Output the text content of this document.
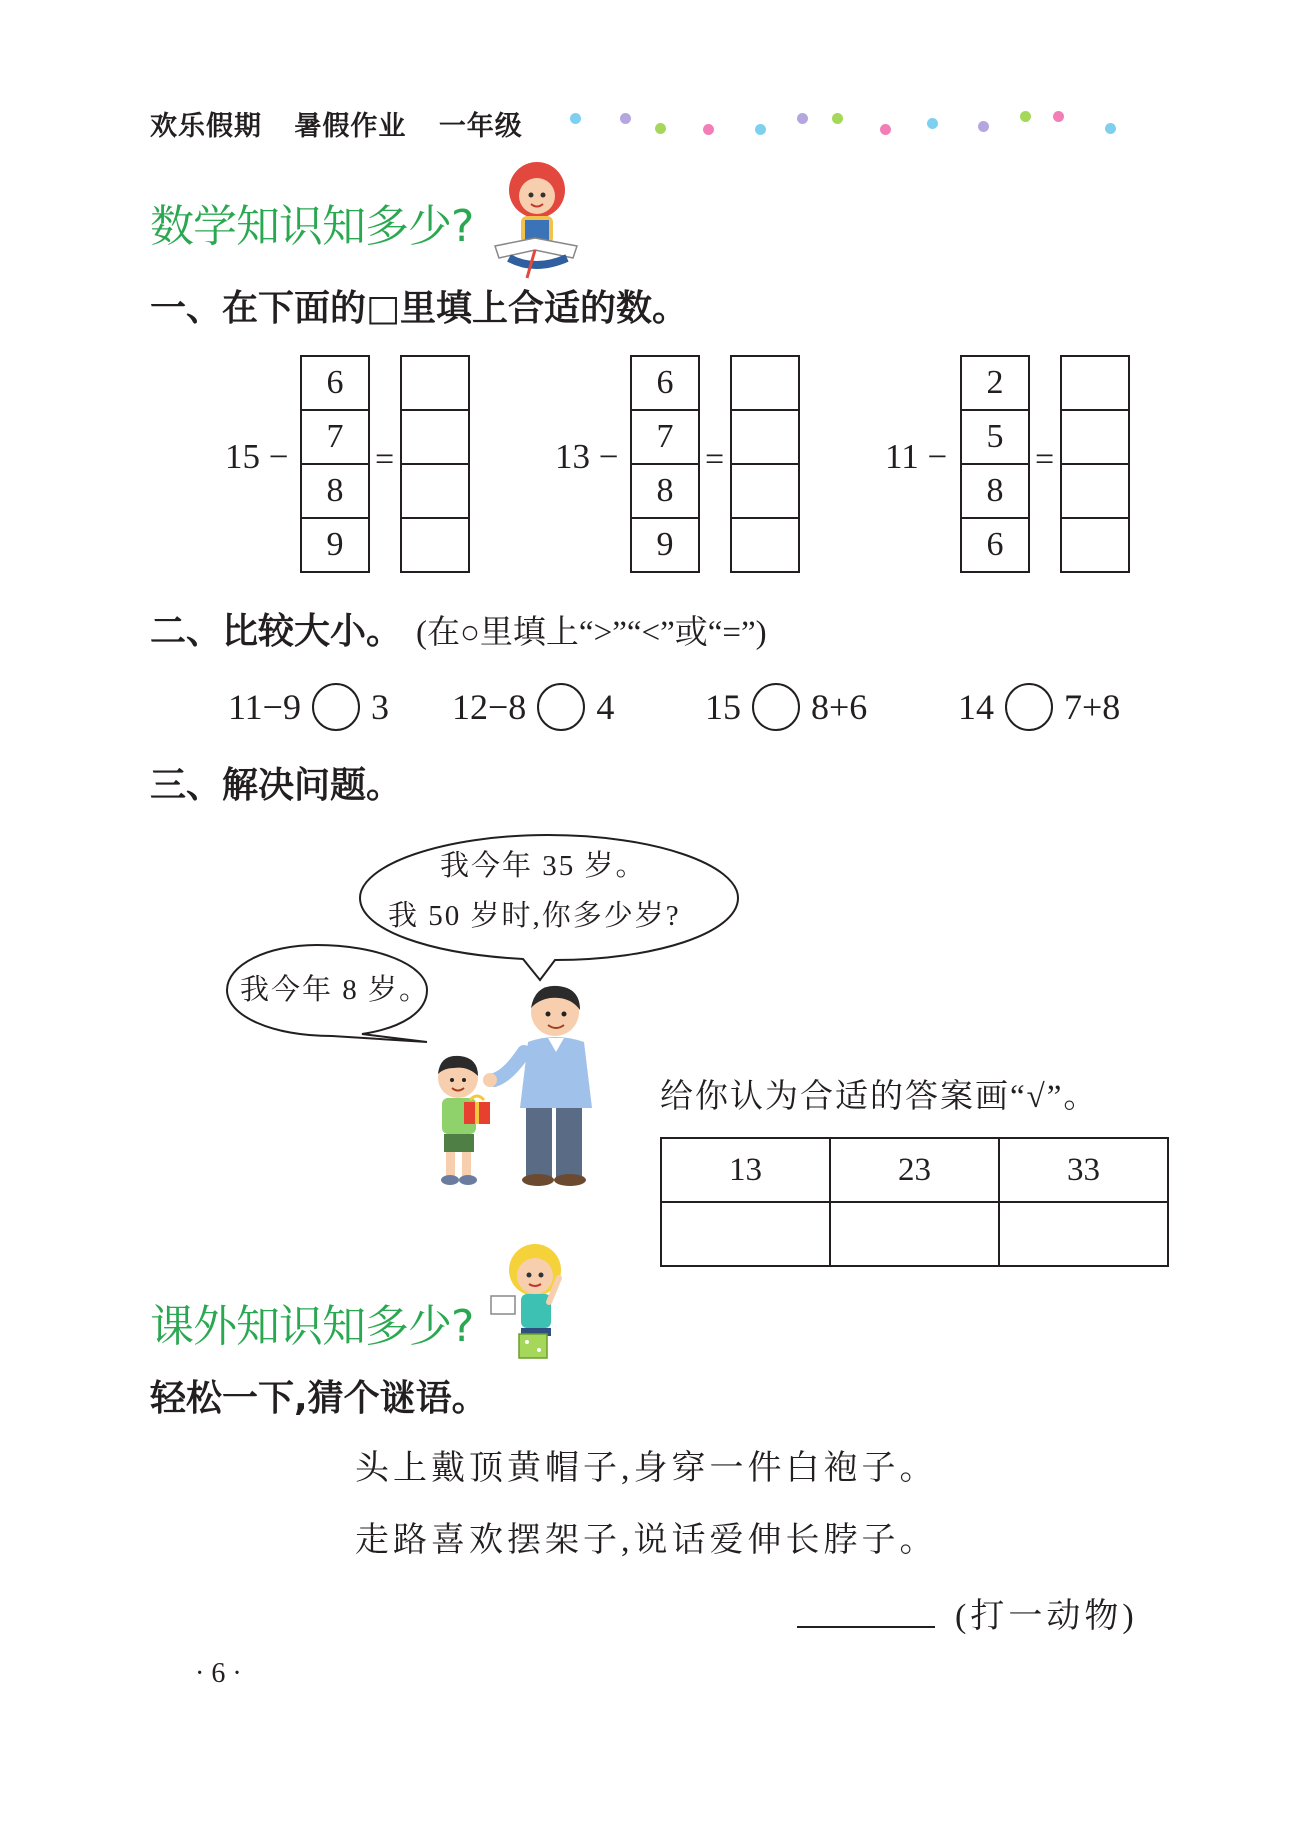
欢乐假期 暑假作业 一年级
数学知识知多少?
一、在下面的□里填上合适的数。
15 −
6
7
8
9
=	13 −
6
7
8
9
=	11 −
2
5
8
6
=
二、比较大小。 (在○里填上“>”“<”或“=”)
11−9 3 12−8 4	15 8+6	14 7+8
三、解决问题。
我今年 35 岁。
我 50 岁时,你多少岁?
我今年 8 岁。
给你认为合适的答案画“√”。
13	23	33

课外知识知多少?
轻松一下,猜个谜语。
头上戴顶黄帽子,身穿一件白袍子。
走路喜欢摆架子,说话爱伸长脖子。
(打一动物)
· 6 ·
